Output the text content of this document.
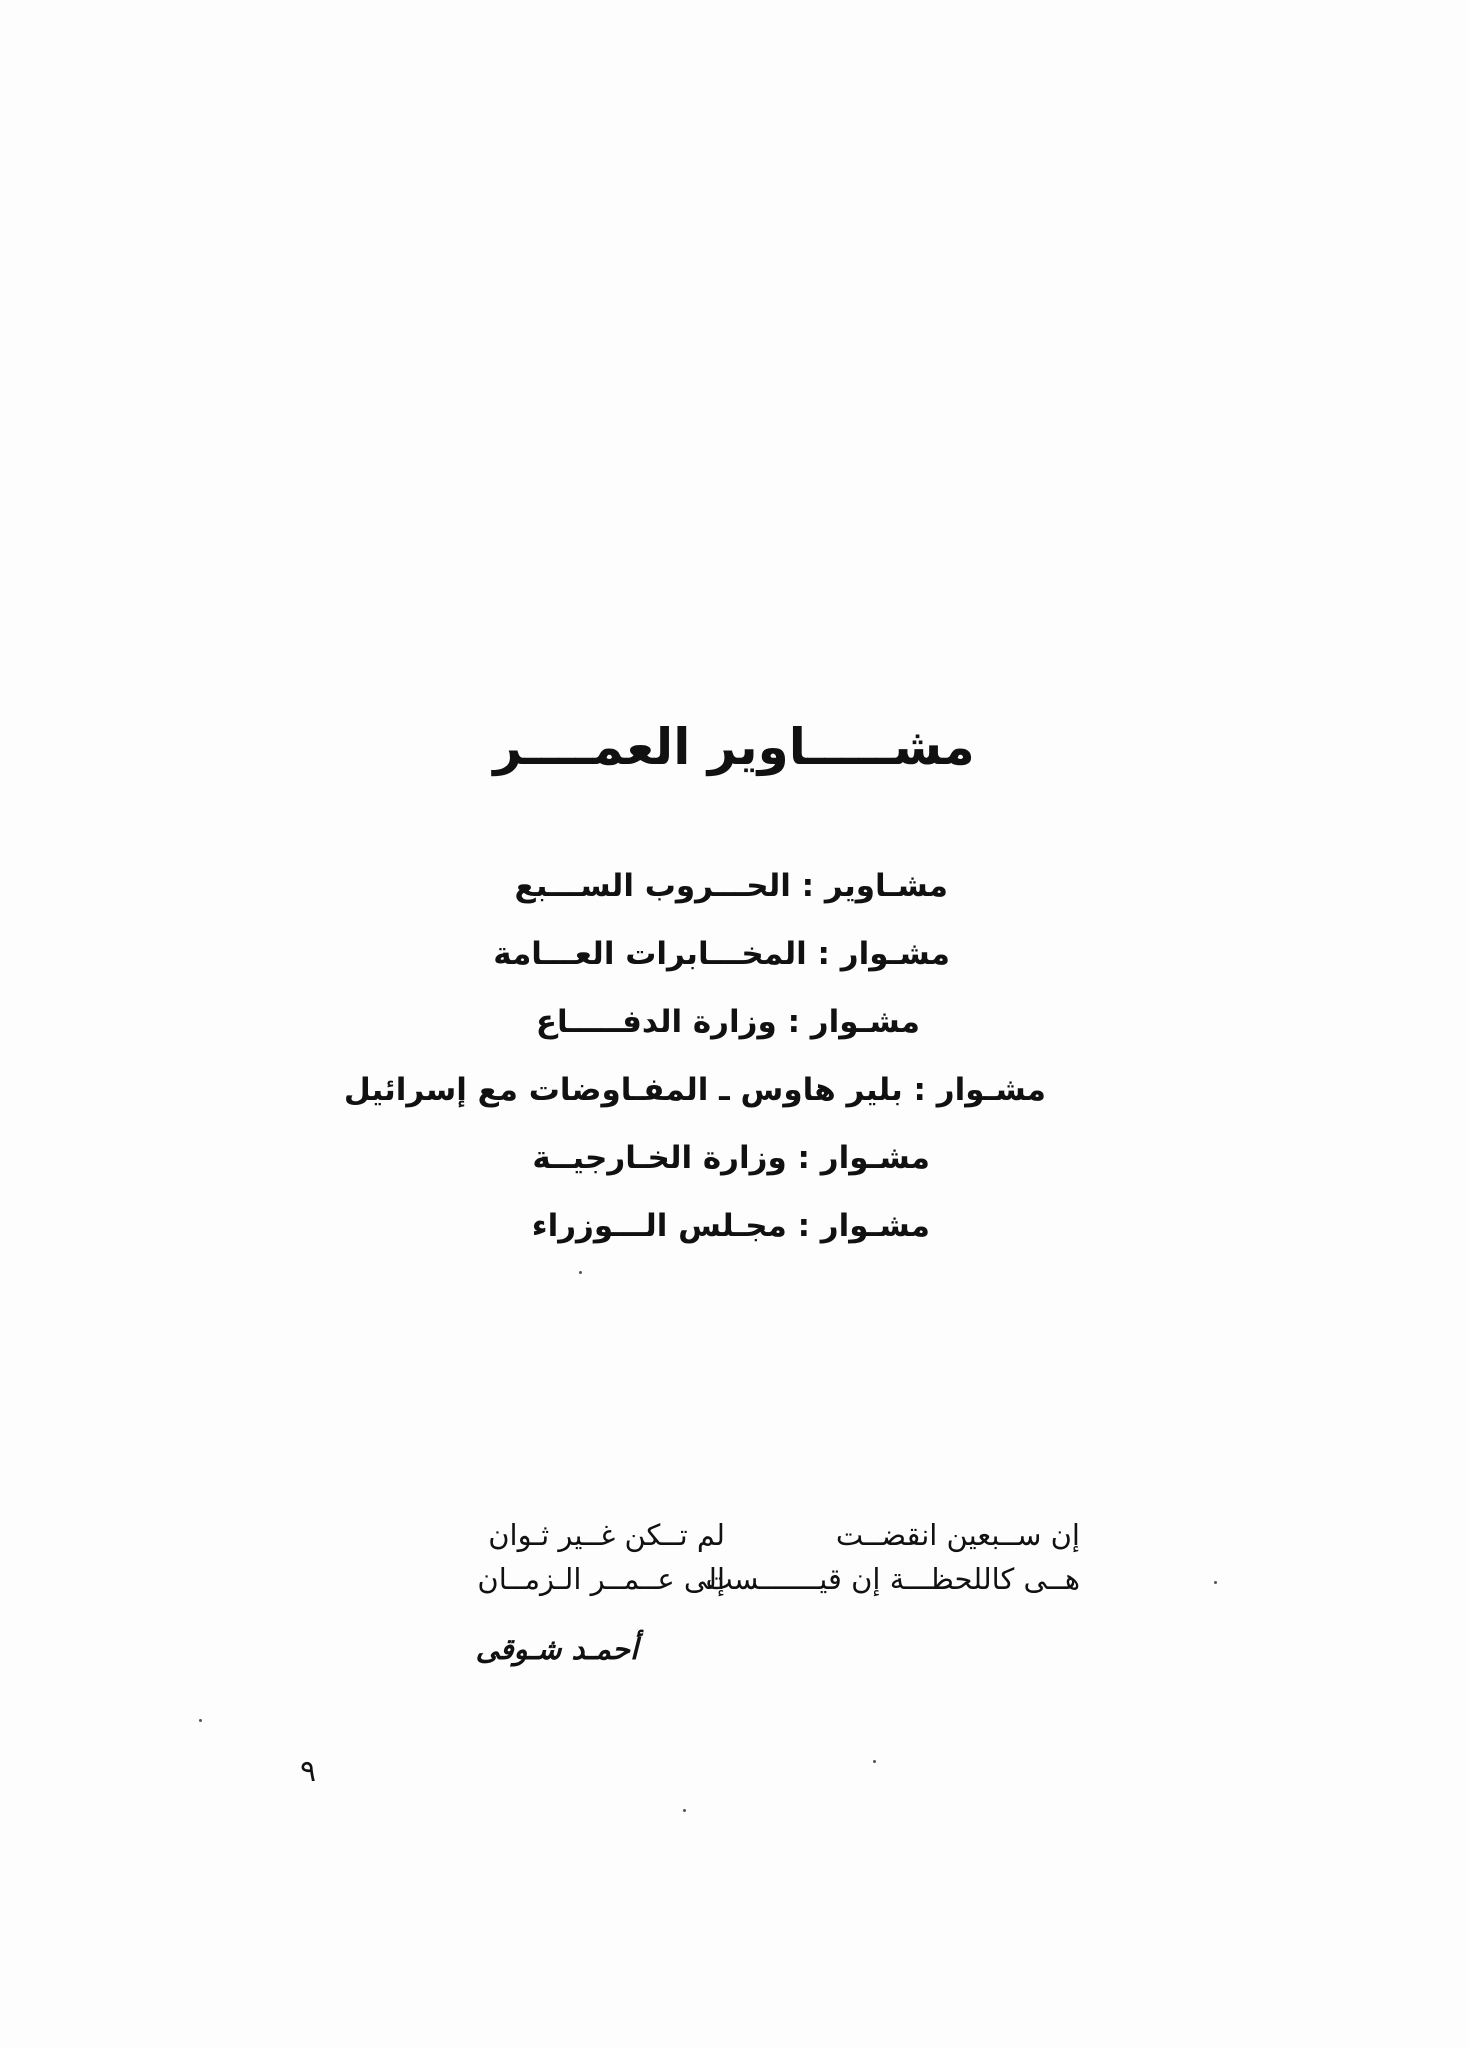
مشـــــاوير العمــــر
مشـاوير : الحـــروب الســـبع
مشـوار : المخـــابرات العـــامة
مشـوار : وزارة الدفـــــاع
مشـوار : بلير هاوس ـ المفـاوضات مع إسرائيل
مشـوار : وزارة الخـارجيــة
مشـوار : مجـلس الـــوزراء
إن ســبعين انقضــت
لم تــكن غــير ثـوان
هــى كاللحظـــة إن قيـــــــست
إلى عــمــر الـزمــان
أحمـد شـوقى
٩
